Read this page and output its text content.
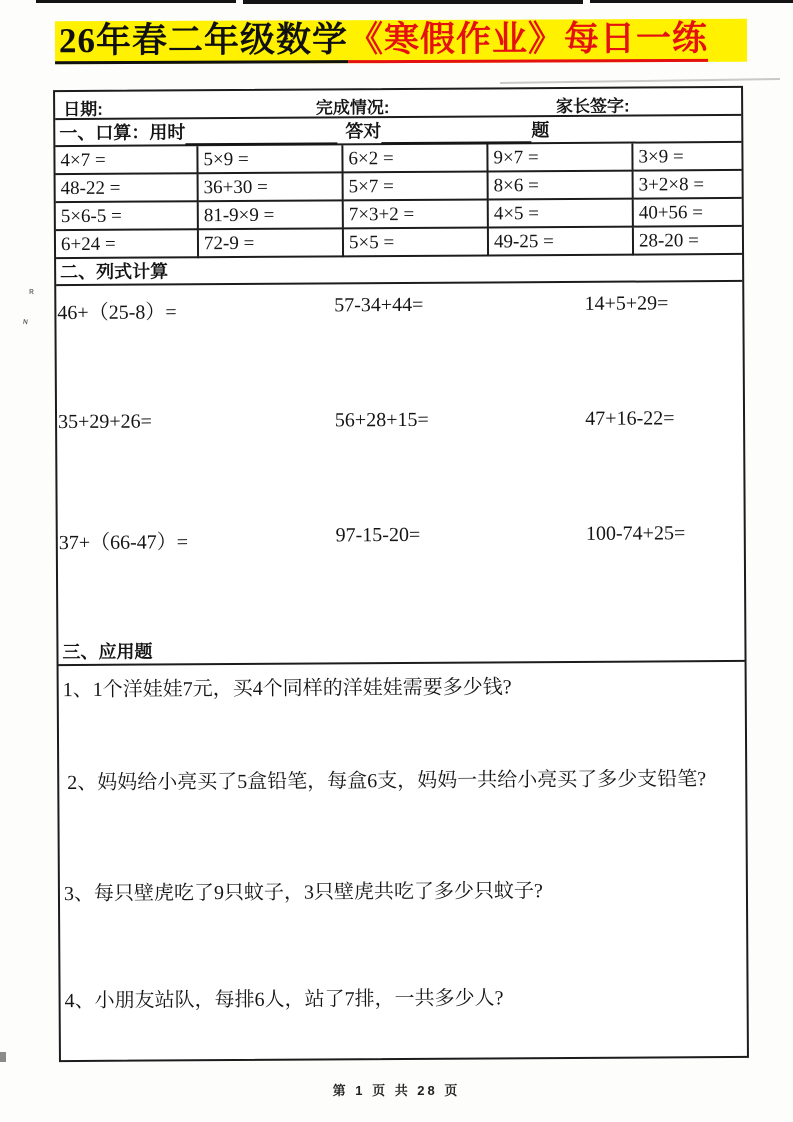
ʀ
ɴ
26年春二年级数学 《寒假作业》每日一练
日期:	完成情况:	家长签字:
一、口算：用时	答对	题
4×7 =	5×9 =	6×2 =	9×7 =	3×9 =
48-22 =	36+30 =	5×7 =	8×6 =	3+2×8 =
5×6-5 =	81-9×9 =	7×3+2 =	4×5 =	40+56 =
6+24 =	72-9 =	5×5 =	49-25 =	28-20 =
二、列式计算
46+（25-8）=	57-34+44=	14+5+29=
35+29+26=	56+28+15=	47+16-22=
37+（66-47）=	97-15-20=	100-74+25=
三、应用题
1、1个洋娃娃7元，买4个同样的洋娃娃需要多少钱?
2、妈妈给小亮买了5盒铅笔，每盒6支，妈妈一共给小亮买了多少支铅笔?
3、每只壁虎吃了9只蚊子，3只壁虎共吃了多少只蚊子?
4、小朋友站队，每排6人，站了7排，一共多少人?
第 1 页 共 28 页
